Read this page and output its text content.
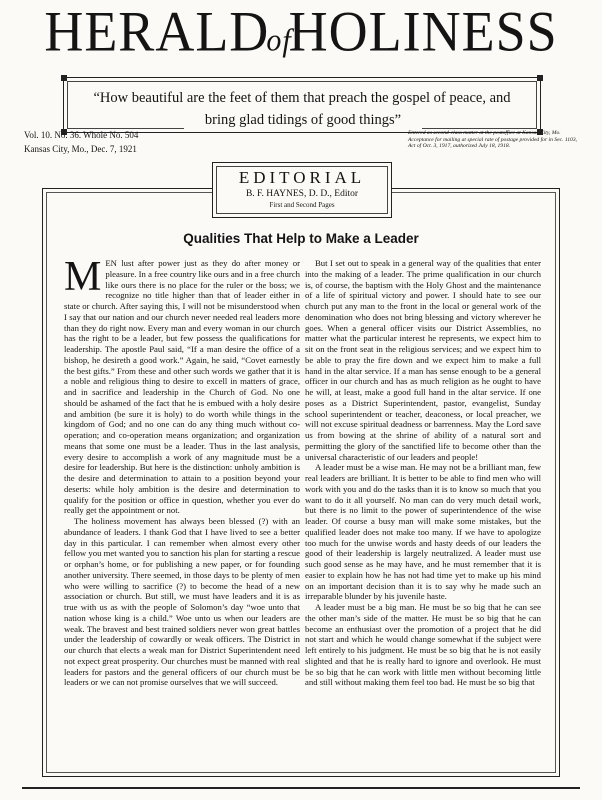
HERALDofHOLINESS
“How beautiful are the feet of them that preach the gospel of peace, and
bring glad tidings of good things”
Vol. 10. No. 36. Whole No. 504
Kansas City, Mo., Dec. 7, 1921
Entered as second-class matter at the postoffice at Kansas City, Mo. Acceptance for mailing at special rate of postage provided for in Sec. 1103, Act of Oct. 3, 1917, authorized July 18, 1918.
EDITORIAL
B. F. HAYNES, D. D., Editor
First and Second Pages
Qualities That Help to Make a Leader

MEN lust after power just as they do after money or pleasure. In a free country like ours and in a free church like ours there is no place for the ruler or the boss; we recognize no title higher than that of leader either in state or church. After saying this, I will not be misunderstood when I say that our nation and our church never needed real leaders more than they do right now. Every man and every woman in our church has the right to be a leader, but few possess the qualifications for leadership. The apostle Paul said, “If a man desire the office of a bishop, he desireth a good work.” Again, he said, “Covet earnestly the best gifts.” From these and other such words we gather that it is a noble and religious thing to desire to excell in matters of grace, and in sacrifice and leadership in the Church of God. No one should be ashamed of the fact that he is embued with a holy desire and ambition (be sure it is holy) to do worth while things in the kingdom of God; and no one can do any thing much without co-operation; and co-operation means organization; and organization means that some one must be a leader. Thus in the last analysis, every desire to accomplish a work of any magnitude must be a desire for leadership. But here is the distinction: unholy ambition is the desire and determination to attain to a position beyond your deserts: while holy ambition is the desire and determination to qualify for the position or office in question, whether you ever do really get the appointment or not.

The holiness movement has always been blessed (?) with an abundance of leaders. I thank God that I have lived to see a better day in this particular. I can remember when almost every other fellow you met wanted you to sanction his plan for starting a rescue or orphan’s home, or for publishing a new paper, or for founding another university. There seemed, in those days to be plenty of men who were willing to sacrifice (?) to become the head of a new association or church. But still, we must have leaders and it is as true with us as with the people of Solomon’s day “woe unto that nation whose king is a child.” Woe unto us when our leaders are weak. The bravest and best trained soldiers never won great battles under the leadership of cowardly or weak officers. The District in our church that elects a weak man for District Superintendent need not expect great prosperity. Our churches must be manned with real leaders for pastors and the general officers of our church must be leaders or we can not promise ourselves that we will succeed.

But I set out to speak in a general way of the qualities that enter into the making of a leader. The prime qualification in our church is, of course, the baptism with the Holy Ghost and the maintenance of a life of spiritual victory and power. I should hate to see our church put any man to the front in the local or general work of the denomination who does not bring blessing and victory wherever he goes. When a general officer visits our District Assemblies, no matter what the particular interest he represents, we expect him to sit on the front seat in the religious services; and we expect him to be able to pray the fire down and we expect him to make a full hand in the altar service. If a man has sense enough to be a general officer in our church and has as much religion as he ought to have he will, at least, make a good full hand in the altar service. If one poses as a District Superintendent, pastor, evangelist, Sunday school superintendent or teacher, deaconess, or local preacher, we will not excuse spiritual deadness or barrenness. May the Lord save us from bowing at the shrine of ability of a natural sort and permitting the glory of the sanctified life to become other than the universal characteristic of our leaders and people!

A leader must be a wise man. He may not be a brilliant man, few real leaders are brilliant. It is better to be able to find men who will work with you and do the tasks than it is to know so much that you want to do it all yourself. No man can do very much detail work, but there is no limit to the power of superintendence of the wise leader. Of course a busy man will make some mistakes, but the qualified leader does not make too many. If we have to apologize too much for the unwise words and hasty deeds of our leaders the good of their leadership is largely neutralized. A leader must use such good sense as he may have, and he must remember that it is easier to explain how he has not had time yet to make up his mind on an important decision than it is to say why he made such an irreparable blunder by his juvenile haste.

A leader must be a big man. He must be so big that he can see the other man’s side of the matter. He must be so big that he can become an enthusiast over the promotion of a project that he did not start and which he would change somewhat if the subject were left entirely to his judgment. He must be so big that he is not easily slighted and that he is really hard to ignore and overlook. He must be so big that he can work with little men without becoming little and still without making them feel too bad. He must be so big that
